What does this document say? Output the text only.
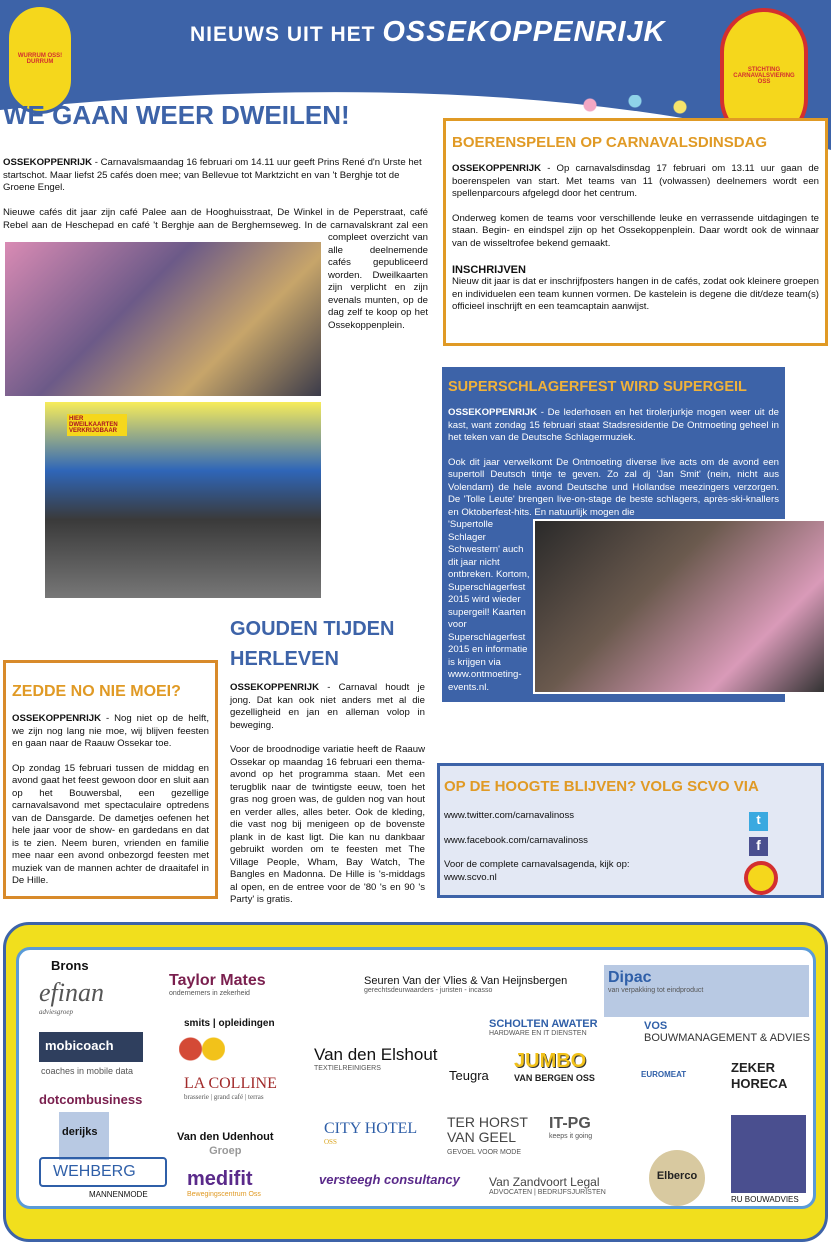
WURRUM OSS! DURRUM
NIEUWS UIT HET OSSEKOPPENRIJK
STICHTING CARNAVALSVIERING OSS
WE GAAN WEER DWEILEN!

OSSEKOPPENRIJK - Carnavalsmaandag 16 februari om 14.11 uur geeft Prins René d'n Urste het startschot. Maar liefst 25 cafés doen mee; van Bellevue tot Marktzicht en van 't Berghje tot de Groene Engel.

Nieuwe cafés dit jaar zijn café Palee aan de Hooghuisstraat, De Winkel in de Peperstraat, café Rebel aan de Heschepad en café 't Berghje aan de Berghemseweg. In de carnavalskrant zal een compleet overzicht van alle deelnemende cafés gepubliceerd worden. Dweilkaarten zijn verplicht en zijn evenals munten, op de dag zelf te koop op het Ossekoppenplein.

HIER DWEILKAARTEN VERKRIJGBAAR
BOERENSPELEN OP CARNAVALSDINSDAG

OSSEKOPPENRIJK - Op carnavalsdinsdag 17 februari om 13.11 uur gaan de boerenspelen van start. Met teams van 11 (volwassen) deelnemers wordt een spellenparcours afgelegd door het centrum.

Onderweg komen de teams voor verschillende leuke en verrassende uitdagingen te staan. Begin- en eindspel zijn op het Ossekoppenplein. Daar wordt ook de winnaar van de wisseltrofee bekend gemaakt.

INSCHRIJVEN

Nieuw dit jaar is dat er inschrijfposters hangen in de cafés, zodat ook kleinere groepen en individuelen een team kunnen vormen. De kastelein is degene die dit/deze team(s) officieel inschrijft en een teamcaptain aanwijst.

SUPERSCHLAGERFEST WIRD SUPERGEIL

OSSEKOPPENRIJK - De lederhosen en het tirolerjurkje mogen weer uit de kast, want zondag 15 februari staat Stadsresidentie De Ontmoeting geheel in het teken van de Deutsche Schlagermuziek.

Ook dit jaar verwelkomt De Ontmoeting diverse live acts om de avond een supertoll Deutsch tintje te geven. Zo zal dj 'Jan Smit' (nein, nicht aus Volendam) de hele avond Deutsche und Hollandse meezingers verzorgen. De 'Tolle Leute' brengen live-on-stage de beste schlagers, après-ski-knallers en Oktoberfest-hits. En natuurlijk mogen die

'Supertolle Schlager Schwestern' auch dit jaar nicht ontbreken. Kortom, Superschlagerfest 2015 wird wieder supergeil! Kaarten voor Superschlagerfest 2015 en informatie is krijgen via www.ontmoeting-events.nl.

ZEDDE NO NIE MOEI?

OSSEKOPPENRIJK - Nog niet op de helft, we zijn nog lang nie moe, wij blijven feesten en gaan naar de Raauw Ossekar toe.

Op zondag 15 februari tussen de middag en avond gaat het feest gewoon door en sluit aan op het Bouwersbal, een gezellige carnavalsavond met spectaculaire optredens van de Dansgarde. De dametjes oefenen het hele jaar voor de show- en gardedans en dat is te zien. Neem buren, vrienden en familie mee naar een avond onbezorgd feesten met muziek van de mannen achter de draaitafel in De Hille.

GOUDEN TIJDEN HERLEVEN

OSSEKOPPENRIJK - Carnaval houdt je jong. Dat kan ook niet anders met al die gezelligheid en jan en alleman volop in beweging.

Voor de broodnodige variatie heeft de Raauw Ossekar op maandag 16 februari een thema-avond op het programma staan. Met een terugblik naar de twintigste eeuw, toen het gras nog groen was, de gulden nog van hout en verder alles, alles beter. Ook de kleding, die vast nog bij menigeen op de bovenste plank in de kast ligt. Die kan nu dankbaar gebruikt worden om te feesten met The Village People, Wham, Bay Watch, The Bangles en Madonna. De Hille is 's-middags al open, en de entree voor de '80 's en 90 's Party' is gratis.

OP DE HOOGTE BLIJVEN? VOLG SCVO VIA

www.twitter.com/carnavalinoss

www.facebook.com/carnavalinoss

Voor de complete carnavalsagenda, kijk op:

www.scvo.nl

t
f
Brons
efinan
adviesgroep
Taylor Mates
ondernemers in zekerheid
Seuren Van der Vlies & Van Heijnsbergen
gerechtsdeurwaarders - juristen - incasso
Dipac
van verpakking tot eindproduct
mobicoach
coaches in mobile data
smits | opleidingen
Van den Elshout
TEXTIELREINIGERS	Teugra
SCHOLTEN AWATER
HARDWARE EN IT DIENSTEN
VOS
BOUWMANAGEMENT & ADVIES
JUMBO
VAN BERGEN OSS	EUROMEAT	ZEKER HORECA
LA COLLINE
brasserie | grand café | terras
dotcombusiness
derijks	Van den Udenhout
Groep
CITY HOTEL
OSS
TER HORST VAN GEEL
GEVOEL VOOR MODE
IT-PG
keeps it going
WEHBERG
MANNENMODE
medifit
Bewegingscentrum Oss
versteegh consultancy Van Zandvoort Legal
ADVOCATEN | BEDRIJFSJURISTEN
Elberco
RU BOUWADVIES
